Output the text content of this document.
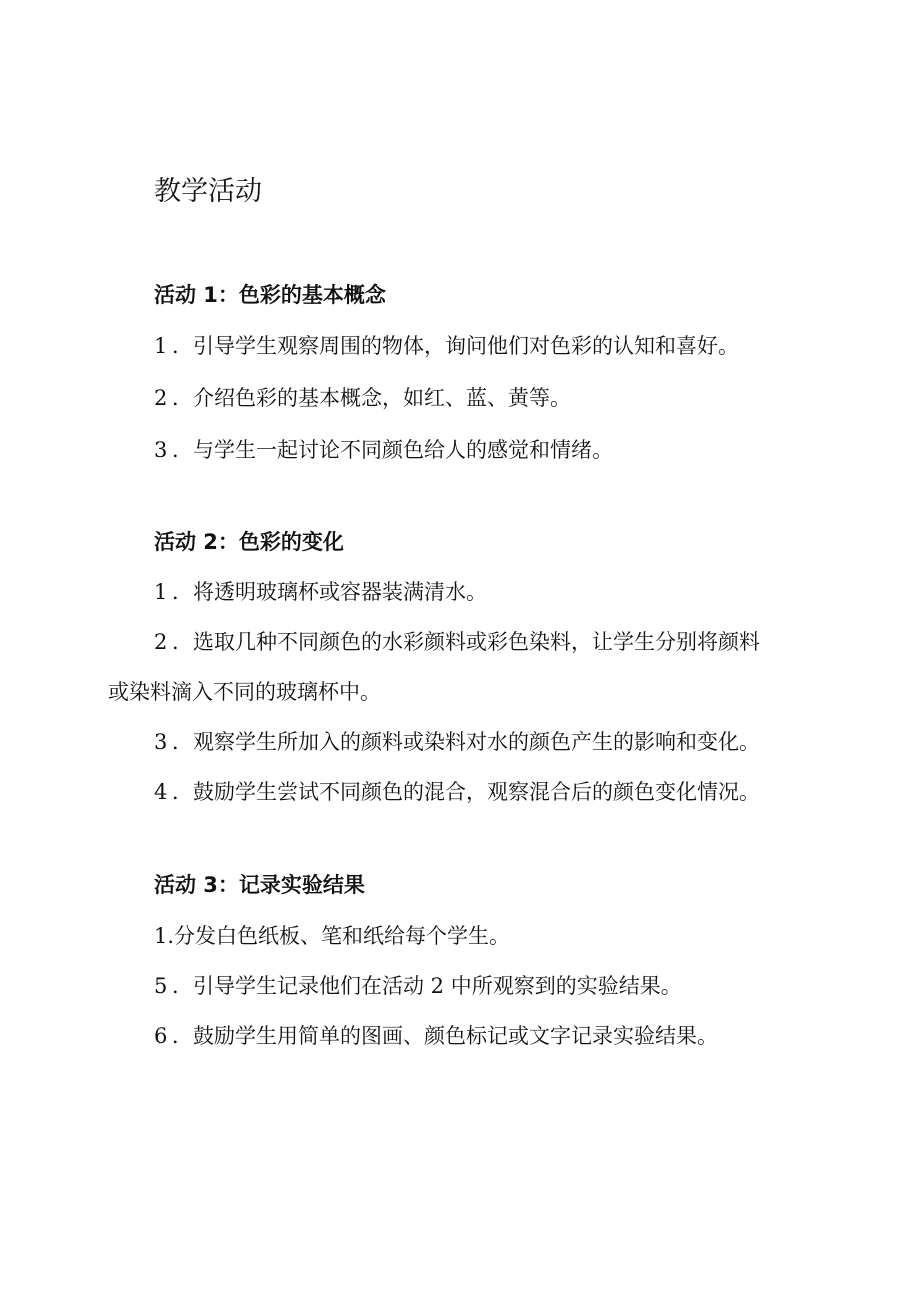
教学活动
活动 1：色彩的基本概念
1 ．引导学生观察周围的物体，询问他们对色彩的认知和喜好。
2 ．介绍色彩的基本概念，如红、蓝、黄等。
3 ．与学生一起讨论不同颜色给人的感觉和情绪。
活动 2：色彩的变化
1 ．将透明玻璃杯或容器装满清水。
2 ．选取几种不同颜色的水彩颜料或彩色染料，让学生分别将颜料
或染料滴入不同的玻璃杯中。
3 ．观察学生所加入的颜料或染料对水的颜色产生的影响和变化。
4 ．鼓励学生尝试不同颜色的混合，观察混合后的颜色变化情况。
活动 3：记录实验结果
1.分发白色纸板、笔和纸给每个学生。
5 ．引导学生记录他们在活动 2 中所观察到的实验结果。
6 ．鼓励学生用简单的图画、颜色标记或文字记录实验结果。
